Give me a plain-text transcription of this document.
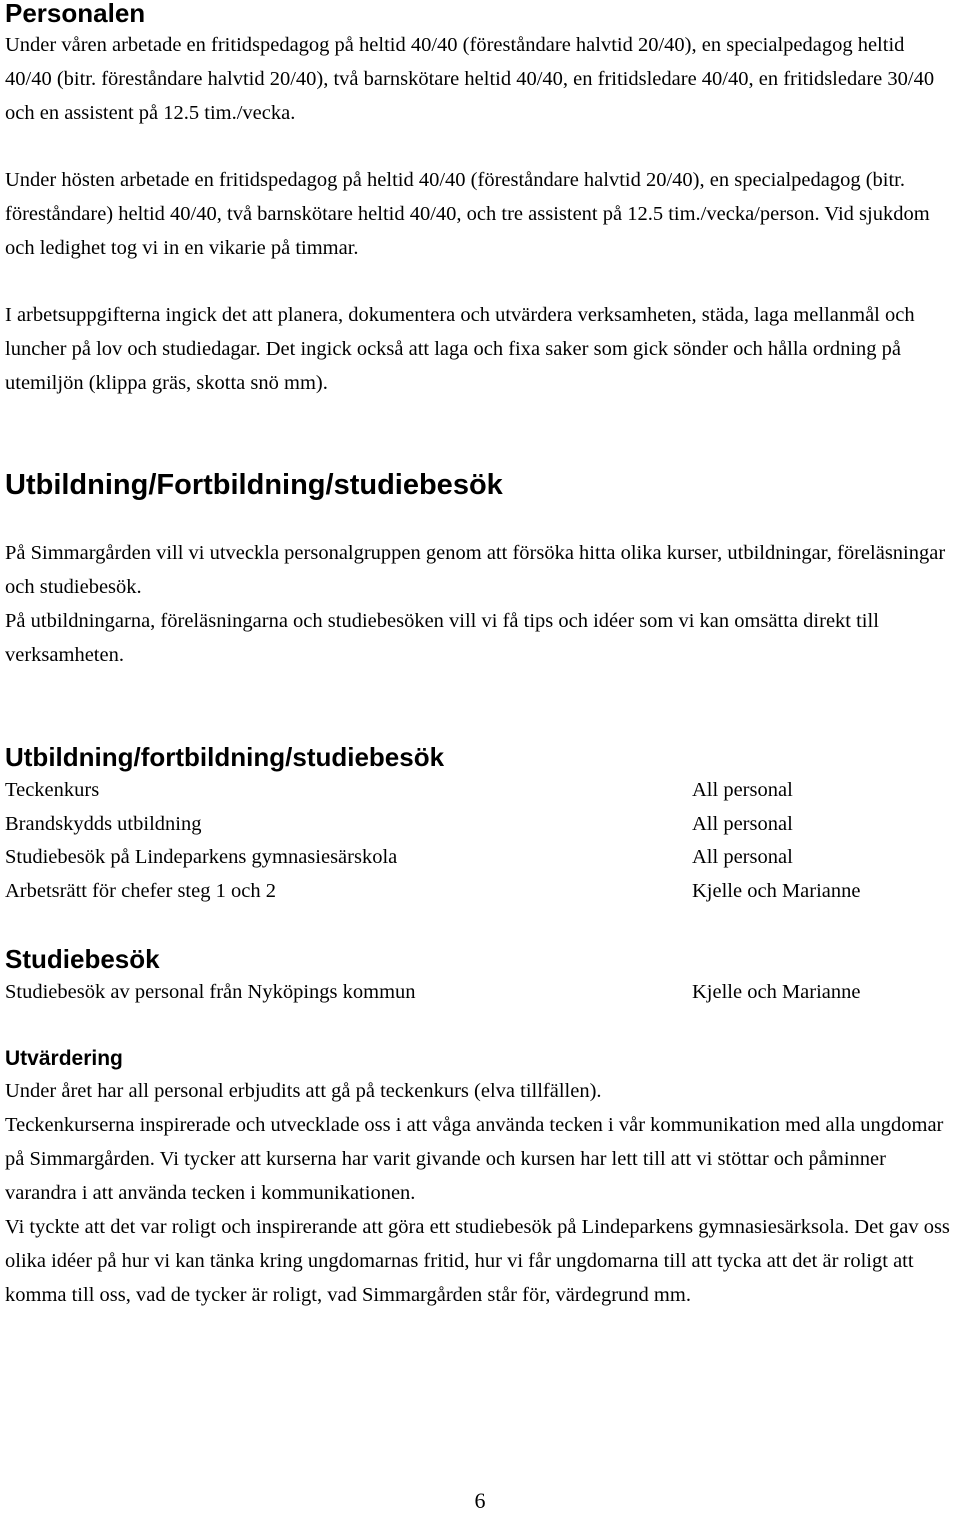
Personalen

Under våren arbetade en fritidspedagog på heltid 40/40 (föreståndare halvtid 20/40), en specialpedagog heltid 40/40 (bitr. föreståndare halvtid 20/40), två barnskötare heltid 40/40, en fritidsledare 40/40, en fritidsledare 30/40 och en assistent på 12.5 tim./vecka.

Under hösten arbetade en fritidspedagog på heltid 40/40 (föreståndare halvtid 20/40), en specialpedagog (bitr. föreståndare) heltid 40/40, två barnskötare heltid 40/40, och tre assistent på 12.5 tim./vecka/person. Vid sjukdom och ledighet tog vi in en vikarie på timmar.

I arbetsuppgifterna ingick det att planera, dokumentera och utvärdera verksamheten, städa, laga mellanmål och luncher på lov och studiedagar. Det ingick också att laga och fixa saker som gick sönder och hålla ordning på utemiljön (klippa gräs, skotta snö mm).

Utbildning/Fortbildning/studiebesök

På Simmargården vill vi utveckla personalgruppen genom att försöka hitta olika kurser, utbildningar, föreläsningar och studiebesök.

På utbildningarna, föreläsningarna och studiebesöken vill vi få tips och idéer som vi kan omsätta direkt till verksamheten.

Utbildning/fortbildning/studiebesök
Teckenkurs	All personal
Brandskydds utbildning	All personal
Studiebesök på Lindeparkens gymnasiesärskola	All personal
Arbetsrätt för chefer steg 1 och 2	Kjelle och Marianne
Studiebesök
Studiebesök av personal från Nyköpings kommun	Kjelle och Marianne
Utvärdering

Under året har all personal erbjudits att gå på teckenkurs (elva tillfällen).

Teckenkurserna inspirerade och utvecklade oss i att våga använda tecken i vår kommunikation med alla ungdomar på Simmargården. Vi tycker att kurserna har varit givande och kursen har lett till att vi stöttar och påminner varandra i att använda tecken i kommunikationen.

Vi tyckte att det var roligt och inspirerande att göra ett studiebesök på Lindeparkens gymnasiesärksola. Det gav oss olika idéer på hur vi kan tänka kring ungdomarnas fritid, hur vi får ungdomarna till att tycka att det är roligt att komma till oss, vad de tycker är roligt, vad Simmargården står för, värdegrund mm.

6
